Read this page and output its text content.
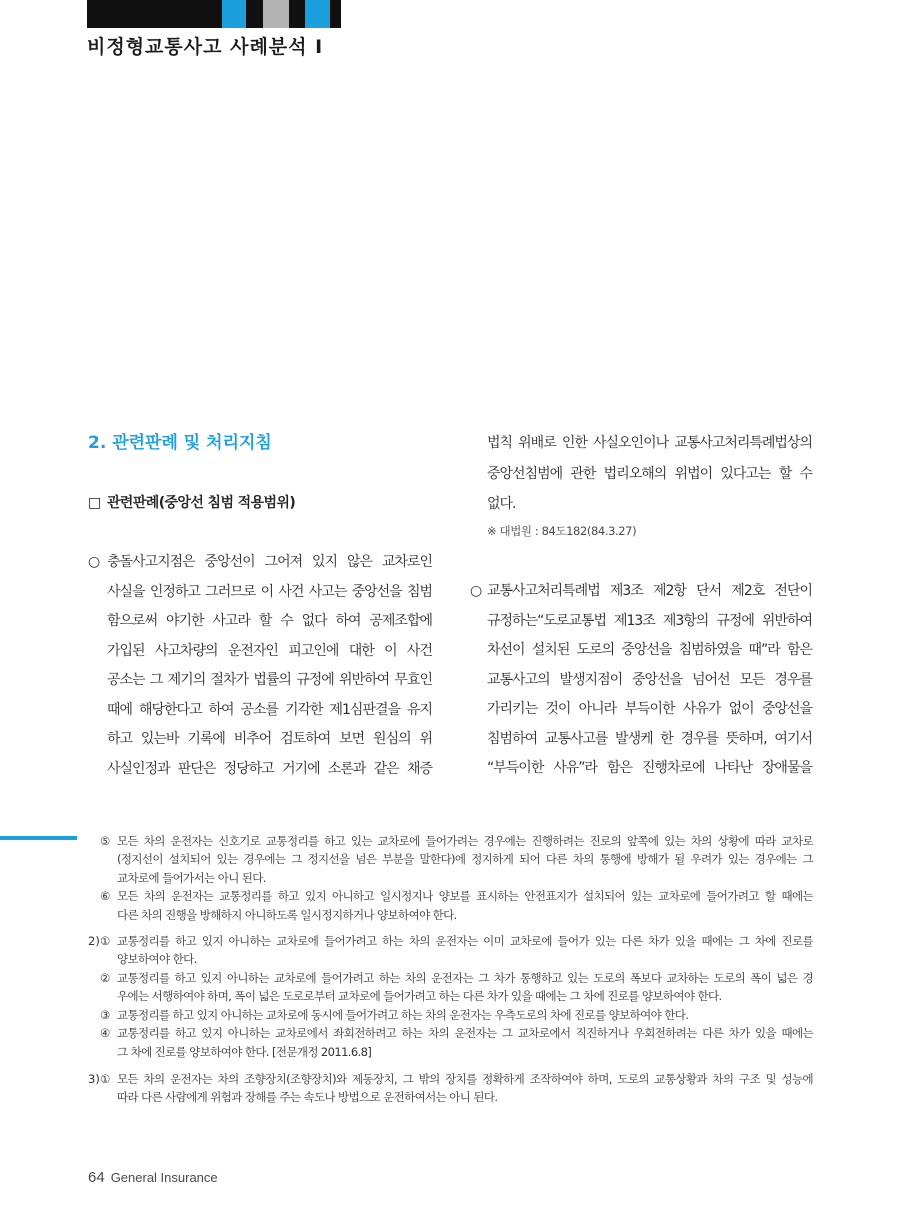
비정형교통사고 사례분석 Ⅰ
2. 관련판례 및 처리지침
□ 관련판례(중앙선 침범 적용범위)
○ 충돌사고지점은 중앙선이 그어져 있지 않은 교차로인
사실을 인정하고 그러므로 이 사건 사고는 중앙선을 침범
함으로써 야기한 사고라 할 수 없다 하여 공제조합에
가입된 사고차량의 운전자인 피고인에 대한 이 사건
공소는 그 제기의 절차가 법률의 규정에 위반하여 무효인
때에 해당한다고 하여 공소를 기각한 제1심판결을 유지
하고 있는바 기록에 비추어 검토하여 보면 원심의 위
사실인정과 판단은 정당하고 거기에 소론과 같은 채증
법칙 위배로 인한 사실오인이나 교통사고처리특례법상의
중앙선침범에 관한 법리오해의 위법이 있다고는 할 수
없다.
※ 대법원 : 84도182(84.3.27)
○ 교통사고처리특례법 제3조 제2항 단서 제2호 전단이
규정하는“도로교통법 제13조 제3항의 규정에 위반하여
차선이 설치된 도로의 중앙선을 침범하였을 때”라 함은
교통사고의 발생지점이 중앙선을 넘어선 모든 경우를
가리키는 것이 아니라 부득이한 사유가 없이 중앙선을
침범하여 교통사고를 발생케 한 경우를 뜻하며, 여기서
“부득이한 사유”라 함은 진행차로에 나타난 장애물을
⑤ 모든 차의 운전자는 신호기로 교통정리를 하고 있는 교차로에 들어가려는 경우에는 진행하려는 진로의 앞쪽에 있는 차의 상황에 따라 교차로
(정지선이 설치되어 있는 경우에는 그 정지선을 넘은 부분을 말한다)에 정지하게 되어 다른 차의 통행에 방해가 될 우려가 있는 경우에는 그
교차로에 들어가서는 아니 된다.
⑥ 모든 차의 운전자는 교통정리를 하고 있지 아니하고 일시정지나 양보를 표시하는 안전표지가 설치되어 있는 교차로에 들어가려고 할 때에는
다른 차의 진행을 방해하지 아니하도록 일시정지하거나 양보하여야 한다.
2) ① 교통정리를 하고 있지 아니하는 교차로에 들어가려고 하는 차의 운전자는 이미 교차로에 들어가 있는 다른 차가 있을 때에는 그 차에 진로를
양보하여야 한다.
② 교통정리를 하고 있지 아니하는 교차로에 들어가려고 하는 차의 운전자는 그 차가 통행하고 있는 도로의 폭보다 교차하는 도로의 폭이 넓은 경
우에는 서행하여야 하며, 폭이 넓은 도로로부터 교차로에 들어가려고 하는 다른 차가 있을 때에는 그 차에 진로를 양보하여야 한다.
③ 교통정리를 하고 있지 아니하는 교차로에 동시에 들어가려고 하는 차의 운전자는 우측도로의 차에 진로를 양보하여야 한다.
④ 교통정리를 하고 있지 아니하는 교차로에서 좌회전하려고 하는 차의 운전자는 그 교차로에서 직진하거나 우회전하려는 다른 차가 있을 때에는
그 차에 진로를 양보하여야 한다. [전문개정 2011.6.8]
3) ① 모든 차의 운전자는 차의 조향장치(조향장치)와 제동장치, 그 밖의 장치를 정확하게 조작하여야 하며, 도로의 교통상황과 차의 구조 및 성능에
따라 다른 사람에게 위험과 장해를 주는 속도나 방법으로 운전하여서는 아니 된다.
64 General Insurance
